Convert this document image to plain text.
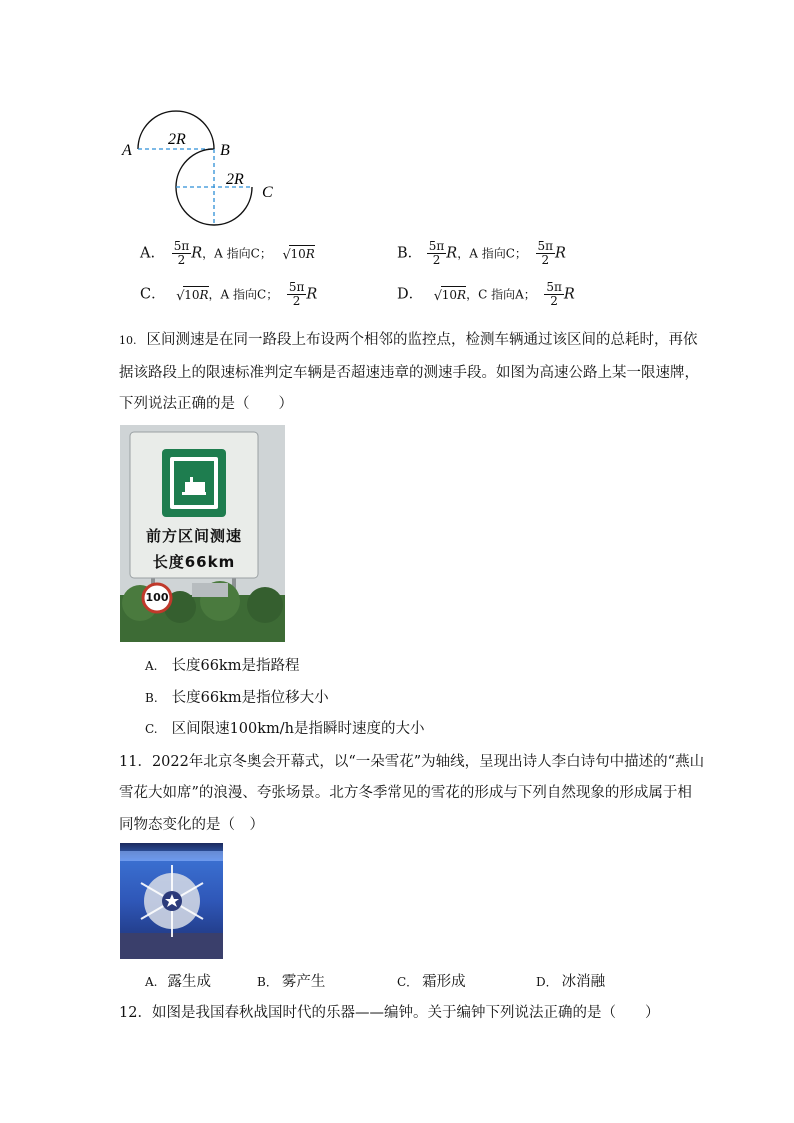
A	B
C
2R
2R
A. $\frac{5\pi}{2}$ R，A 指向C； √ 10R	B． $\frac{5\pi}{2}$ R，A 指向C； $\frac{5\pi}{2}$ R
C． √ 10R，A 指向C； $\frac{5\pi}{2}$ R	D． √ 10R，C 指向A； $\frac{5\pi}{2}$ R
10. 区间测速是在同一路段上布设两个相邻的监控点，检测车辆通过该区间的总耗时，再依
据该路段上的限速标准判定车辆是否超速违章的测速手段。如图为高速公路上某一限速牌，
下列说法正确的是（　　）
前方区间测速
长度66km
100
A. 长度66km是指路程
B. 长度66km是指位移大小
C. 区间限速100km/h是指瞬时速度的大小
11．2022年北京冬奥会开幕式，以“一朵雪花”为轴线，呈现出诗人李白诗句中描述的“燕山
雪花大如席”的浪漫、夸张场景。北方冬季常见的雪花的形成与下列自然现象的形成属于相
同物态变化的是（　）
A. 露生成	B． 雾产生	C． 霜形成	D． 冰消融
12．如图是我国春秋战国时代的乐器——编钟。关于编钟下列说法正确的是（　　）
